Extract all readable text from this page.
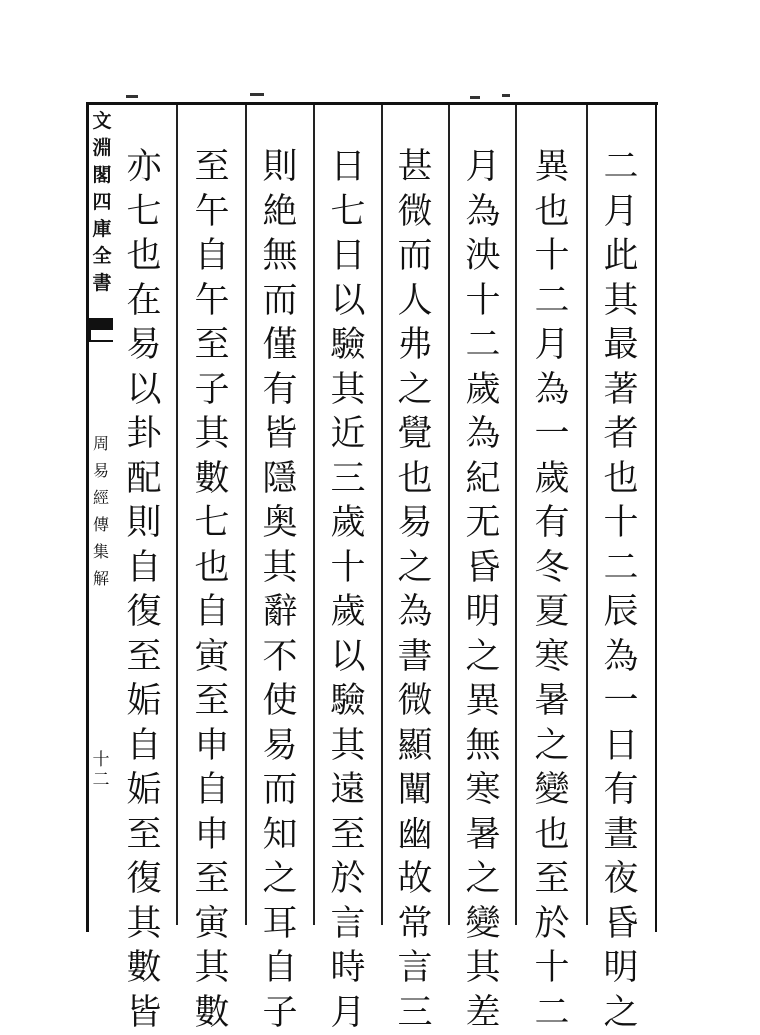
文
淵
閣
四
庫
全
書
周
易
經
傳
集
解
十二
二
月
此
其
最
著
者
也
十
二
辰
為
一
日
有
晝
夜
昏
明
之
異
也
十
二
月
為
一
歲
有
冬
夏
寒
暑
之
變
也
至
於
十
二
月
為
泱
十
二
歲
為
紀
无
昏
明
之
異
無
寒
暑
之
變
其
差
甚
微
而
人
弗
之
覺
也
易
之
為
書
微
顯
闡
幽
故
常
言
三
日
七
日
以
驗
其
近
三
歲
十
歲
以
驗
其
遠
至
於
言
時
月
則
絶
無
而
僅
有
皆
隱
奥
其
辭
不
使
易
而
知
之
耳
自
子
至
午
自
午
至
子
其
數
七
也
自
寅
至
申
自
申
至
寅
其
數
亦
七
也
在
易
以
卦
配
則
自
復
至
姤
自
姤
至
復
其
數
皆
